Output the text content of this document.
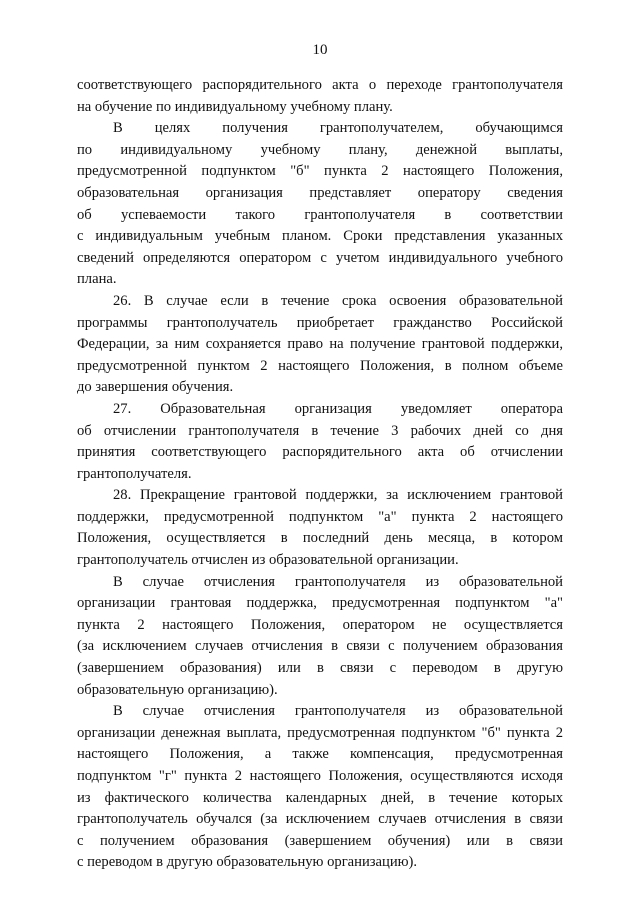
10
соответствующего распорядительного акта о переходе грантополучателя
на обучение по индивидуальному учебному плану.
В целях получения грантополучателем, обучающимся
по индивидуальному учебному плану, денежной выплаты,
предусмотренной подпунктом "б" пункта 2 настоящего Положения,
образовательная организация представляет оператору сведения
об успеваемости такого грантополучателя в соответствии
с индивидуальным учебным планом. Сроки представления указанных
сведений определяются оператором с учетом индивидуального учебного
плана.
26. В случае если в течение срока освоения образовательной
программы грантополучатель приобретает гражданство Российской
Федерации, за ним сохраняется право на получение грантовой поддержки,
предусмотренной пунктом 2 настоящего Положения, в полном объеме
до завершения обучения.
27. Образовательная организация уведомляет оператора
об отчислении грантополучателя в течение 3 рабочих дней со дня
принятия соответствующего распорядительного акта об отчислении
грантополучателя.
28. Прекращение грантовой поддержки, за исключением грантовой
поддержки, предусмотренной подпунктом "а" пункта 2 настоящего
Положения, осуществляется в последний день месяца, в котором
грантополучатель отчислен из образовательной организации.
В случае отчисления грантополучателя из образовательной
организации грантовая поддержка, предусмотренная подпунктом "а"
пункта 2 настоящего Положения, оператором не осуществляется
(за исключением случаев отчисления в связи с получением образования
(завершением образования) или в связи с переводом в другую
образовательную организацию).
В случае отчисления грантополучателя из образовательной
организации денежная выплата, предусмотренная подпунктом "б" пункта 2
настоящего Положения, а также компенсация, предусмотренная
подпунктом "г" пункта 2 настоящего Положения, осуществляются исходя
из фактического количества календарных дней, в течение которых
грантополучатель обучался (за исключением случаев отчисления в связи
с получением образования (завершением обучения) или в связи
с переводом в другую образовательную организацию).
